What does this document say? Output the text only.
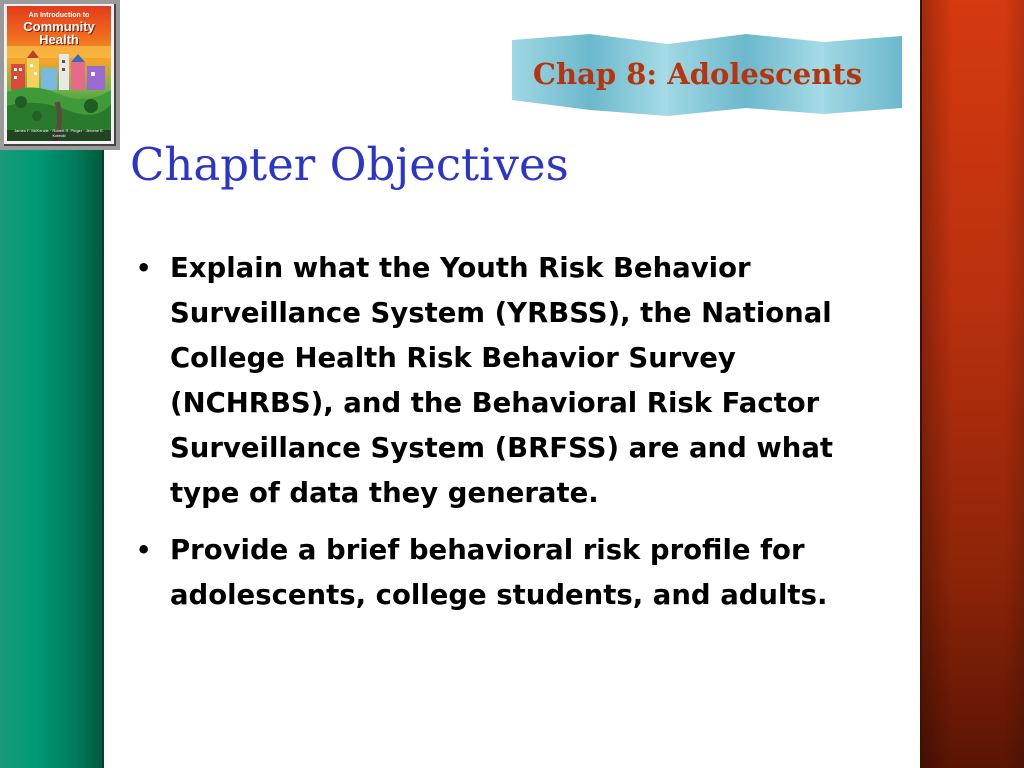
An Introduction to
Community
Health
James F. McKenzie · Robert R. Pinger · Jerome E. Kotecki
Chap 8: Adolescents
Chapter Objectives
• Explain what the Youth Risk Behavior Surveillance System (YRBSS), the National College Health Risk Behavior Survey (NCHRBS), and the Behavioral Risk Factor Surveillance System (BRFSS) are and what type of data they generate.
• Provide a brief behavioral risk profile for adolescents, college students, and adults.
